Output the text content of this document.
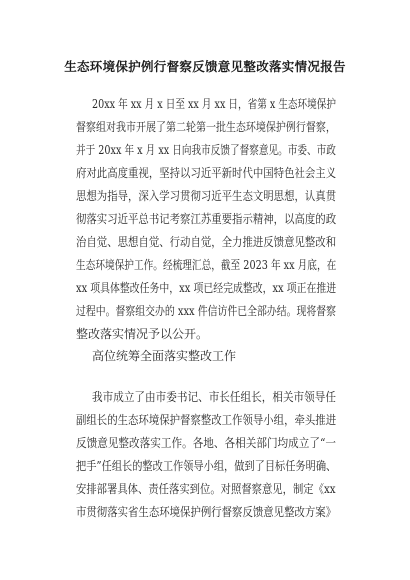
生态环境保护例行督察反馈意见整改落实情况报告
20xx 年 xx 月 x 日至 xx 月 xx 日，省第 x 生态环境保护
督察组对我市开展了第二轮第一批生态环境保护例行督察，
并于 20xx 年 x 月 xx 日向我市反馈了督察意见。市委、市政
府对此高度重视，坚持以习近平新时代中国特色社会主义
思想为指导，深入学习贯彻习近平生态文明思想，认真贯
彻落实习近平总书记考察江苏重要指示精神，以高度的政
治自觉、思想自觉、行动自觉，全力推进反馈意见整改和
生态环境保护工作。经梳理汇总，截至 2023 年 xx 月底，在
xx 项具体整改任务中，xx 项已经完成整改，xx 项正在推进
过程中。督察组交办的 xxx 件信访件已全部办结。现将督察
整改落实情况予以公开。
高位统筹全面落实整改工作
我市成立了由市委书记、市长任组长，相关市领导任
副组长的生态环境保护督察整改工作领导小组，牵头推进
反馈意见整改落实工作。各地、各相关部门均成立了“一
把手”任组长的整改工作领导小组，做到了目标任务明确、
安排部署具体、责任落实到位。对照督察意见，制定《xx
市贯彻落实省生态环境保护例行督察反馈意见整改方案》
